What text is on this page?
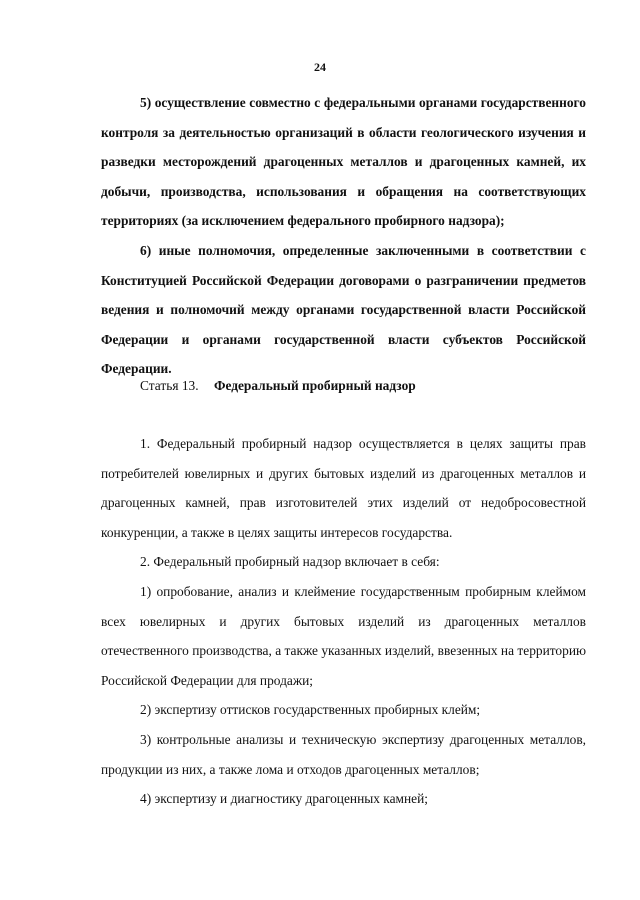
24

5) осуществление совместно с федеральными органами государственного контроля за деятельностью организаций в области геологического изучения и разведки месторождений драгоценных металлов и драгоценных камней, их добычи, производства, использования и обращения на соответствующих территориях (за исключением федерального пробирного надзора);

6) иные полномочия, определенные заключенными в соответствии с Конституцией Российской Федерации договорами о разграничении предметов ведения и полномочий между органами государственной власти Российской Федерации и органами государственной власти субъектов Российской Федерации.

Статья 13. Федеральный пробирный надзор

1. Федеральный пробирный надзор осуществляется в целях защиты прав потребителей ювелирных и других бытовых изделий из драгоценных металлов и драгоценных камней, прав изготовителей этих изделий от недобросовестной конкуренции, а также в целях защиты интересов государства.

2. Федеральный пробирный надзор включает в себя:

1) опробование, анализ и клеймение государственным пробирным клеймом всех ювелирных и других бытовых изделий из драгоценных металлов отечественного производства, а также указанных изделий, ввезенных на территорию Российской Федерации для продажи;

2) экспертизу оттисков государственных пробирных клейм;

3) контрольные анализы и техническую экспертизу драгоценных металлов, продукции из них, а также лома и отходов драгоценных металлов;

4) экспертизу и диагностику драгоценных камней;
